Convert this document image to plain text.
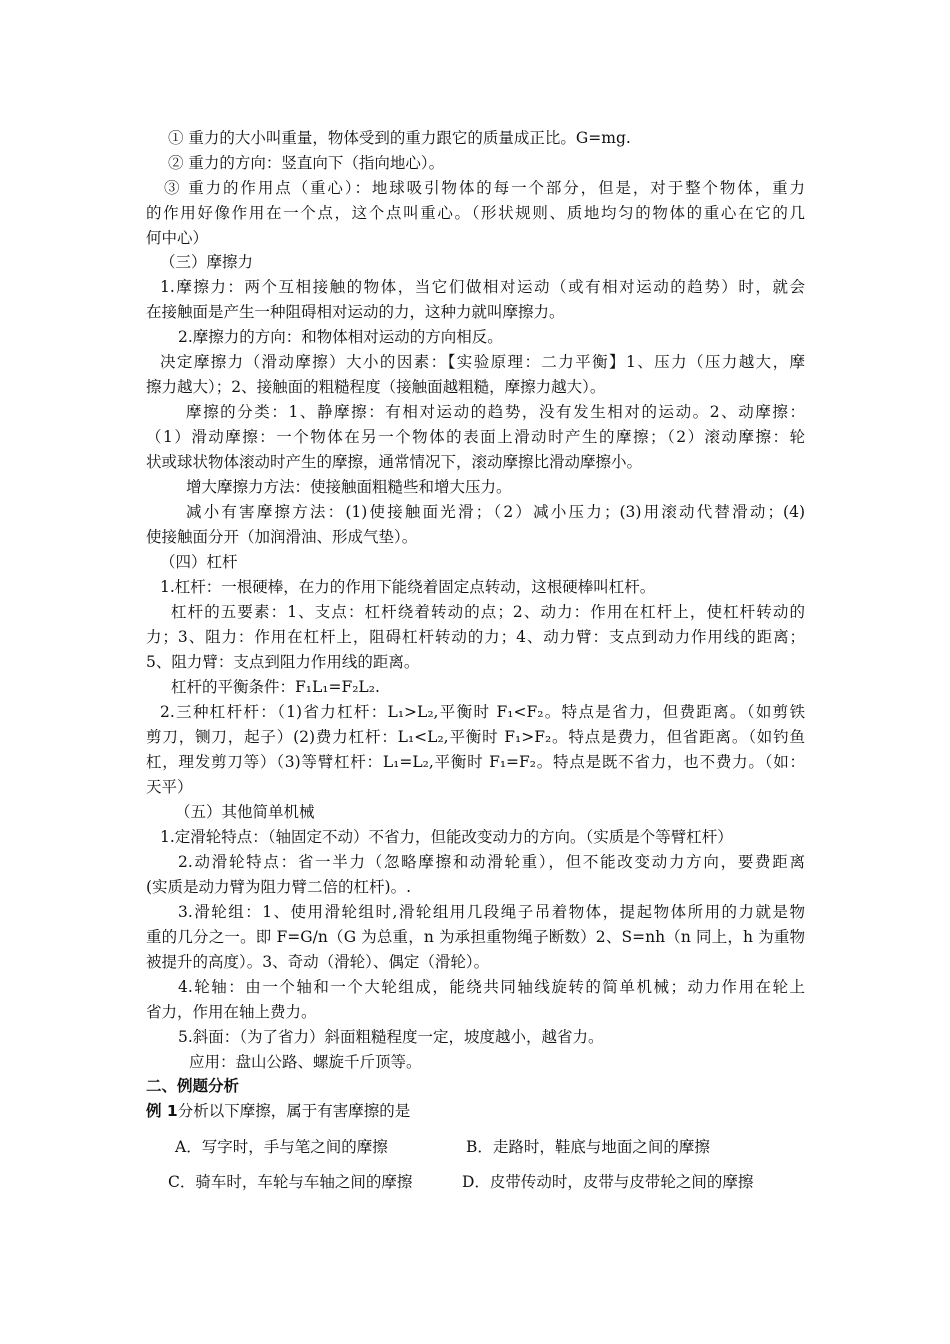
① 重力的大小叫重量，物体受到的重力跟它的质量成正比。G=mg.
② 重力的方向：竖直向下（指向地心）。
③ 重力的作用点（重心）：地球吸引物体的每一个部分，但是，对于整个物体，重力
的作用好像作用在一个点，这个点叫重心。（形状规则、质地均匀的物体的重心在它的几
何中心）
（三）摩擦力
1.摩擦力：两个互相接触的物体，当它们做相对运动（或有相对运动的趋势）时，就会
在接触面是产生一种阻碍相对运动的力，这种力就叫摩擦力。
2.摩擦力的方向：和物体相对运动的方向相反。
决定摩擦力（滑动摩擦）大小的因素：【实验原理：二力平衡】1、压力（压力越大，摩
擦力越大）；2、接触面的粗糙程度（接触面越粗糙，摩擦力越大）。
摩擦的分类：1、静摩擦：有相对运动的趋势，没有发生相对的运动。2、动摩擦：
（1）滑动摩擦：一个物体在另一个物体的表面上滑动时产生的摩擦；（2）滚动摩擦：轮
状或球状物体滚动时产生的摩擦，通常情况下，滚动摩擦比滑动摩擦小。
增大摩擦力方法：使接触面粗糙些和增大压力。
减小有害摩擦方法：(1)使接触面光滑；（2）减小压力；(3)用滚动代替滑动；(4)
使接触面分开（加润滑油、形成气垫）。
（四）杠杆
1.杠杆：一根硬棒，在力的作用下能绕着固定点转动，这根硬棒叫杠杆。
杠杆的五要素：1、支点：杠杆绕着转动的点；2、动力：作用在杠杆上，使杠杆转动的
力；3、阻力：作用在杠杆上，阻碍杠杆转动的力；4、动力臂：支点到动力作用线的距离；
5、阻力臂：支点到阻力作用线的距离。
杠杆的平衡条件：F₁L₁=F₂L₂.
2.三种杠杆杆：（1)省力杠杆：L₁>L₂,平衡时 F₁<F₂。特点是省力，但费距离。（如剪铁
剪刀，铡刀，起子）(2)费力杠杆：L₁<L₂,平衡时 F₁>F₂。特点是费力，但省距离。（如钓鱼
杠，理发剪刀等）（3)等臂杠杆：L₁=L₂,平衡时 F₁=F₂。特点是既不省力，也不费力。（如：
天平）
（五）其他简单机械
1.定滑轮特点：（轴固定不动）不省力，但能改变动力的方向。（实质是个等臂杠杆）
2.动滑轮特点：省一半力（忽略摩擦和动滑轮重），但不能改变动力方向，要费距离
(实质是动力臂为阻力臂二倍的杠杆)。.
3.滑轮组：1、使用滑轮组时,滑轮组用几段绳子吊着物体，提起物体所用的力就是物
重的几分之一。即 F=G/n（G 为总重，n 为承担重物绳子断数）2、S=nh（n 同上，h 为重物
被提升的高度）。3、奇动（滑轮）、偶定（滑轮）。
4.轮轴：由一个轴和一个大轮组成，能绕共同轴线旋转的简单机械；动力作用在轮上
省力，作用在轴上费力。
5.斜面：（为了省力）斜面粗糙程度一定，坡度越小，越省力。
应用：盘山公路、螺旋千斤顶等。
二、例题分析
例 1分析以下摩擦，属于有害摩擦的是
A．写字时，手与笔之间的摩擦	B．走路时，鞋底与地面之间的摩擦
C．骑车时，车轮与车轴之间的摩擦	D．皮带传动时，皮带与皮带轮之间的摩擦
